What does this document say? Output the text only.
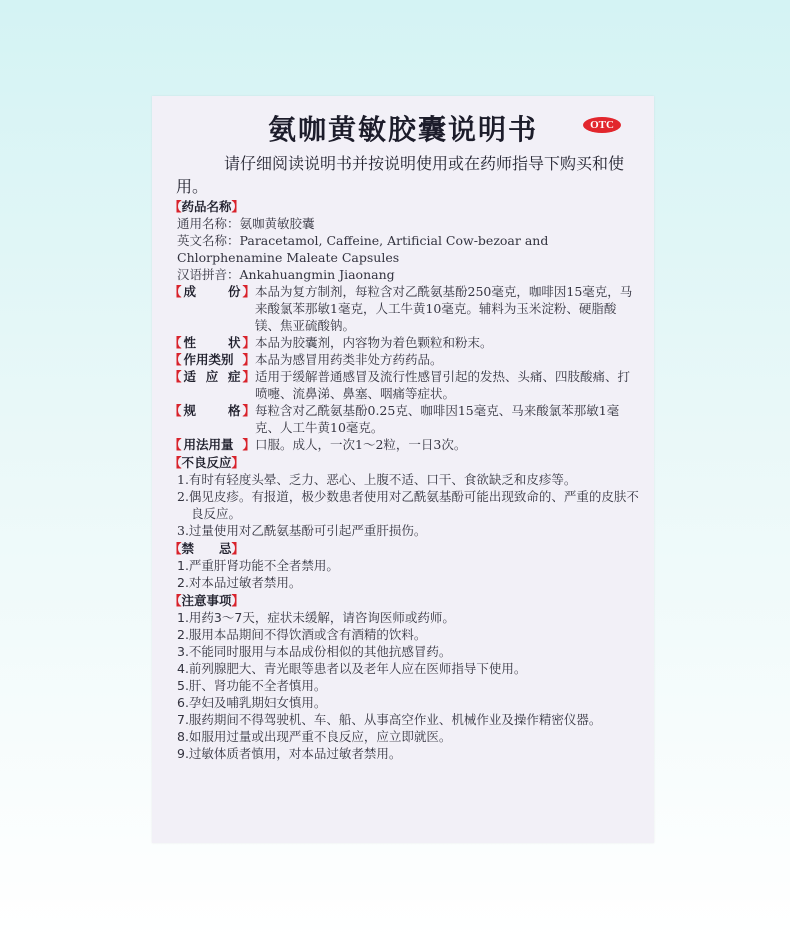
氨咖黄敏胶囊说明书	OTC
请仔细阅读说明书并按说明使用或在药师指导下购买和使用。
【药品名称】
通用名称：氨咖黄敏胶囊
英文名称：Paracetamol, Caffeine, Artificial Cow-bezoar and Chlorphenamine Maleate Capsules
汉语拼音：Ankahuangmin Jiaonang
【 成	份 】 本品为复方制剂，每粒含对乙酰氨基酚250毫克，咖啡因15毫克，马来酸氯苯那敏1毫克，人工牛黄10毫克。辅料为玉米淀粉、硬脂酸镁、焦亚硫酸钠。
【 性	状 】 本品为胶囊剂，内容物为着色颗粒和粉末。
【 作用类别 】 本品为感冒用药类非处方药药品。
【 适 应 症 】 适用于缓解普通感冒及流行性感冒引起的发热、头痛、四肢酸痛、打喷嚏、流鼻涕、鼻塞、咽痛等症状。
【 规	格 】 每粒含对乙酰氨基酚0.25克、咖啡因15毫克、马来酸氯苯那敏1毫克、人工牛黄10毫克。
【 用法用量 】 口服。成人，一次1～2粒，一日3次。
【不良反应】
1.有时有轻度头晕、乏力、恶心、上腹不适、口干、食欲缺乏和皮疹等。
2.偶见皮疹。有报道，极少数患者使用对乙酰氨基酚可能出现致命的、严重的皮肤不良反应。
3.过量使用对乙酰氨基酚可引起严重肝损伤。
【禁　　忌】
1.严重肝肾功能不全者禁用。
2.对本品过敏者禁用。
【注意事项】
1.用药3～7天，症状未缓解，请咨询医师或药师。
2.服用本品期间不得饮酒或含有酒精的饮料。
3.不能同时服用与本品成份相似的其他抗感冒药。
4.前列腺肥大、青光眼等患者以及老年人应在医师指导下使用。
5.肝、肾功能不全者慎用。
6.孕妇及哺乳期妇女慎用。
7.服药期间不得驾驶机、车、船、从事高空作业、机械作业及操作精密仪器。
8.如服用过量或出现严重不良反应，应立即就医。
9.过敏体质者慎用，对本品过敏者禁用。
